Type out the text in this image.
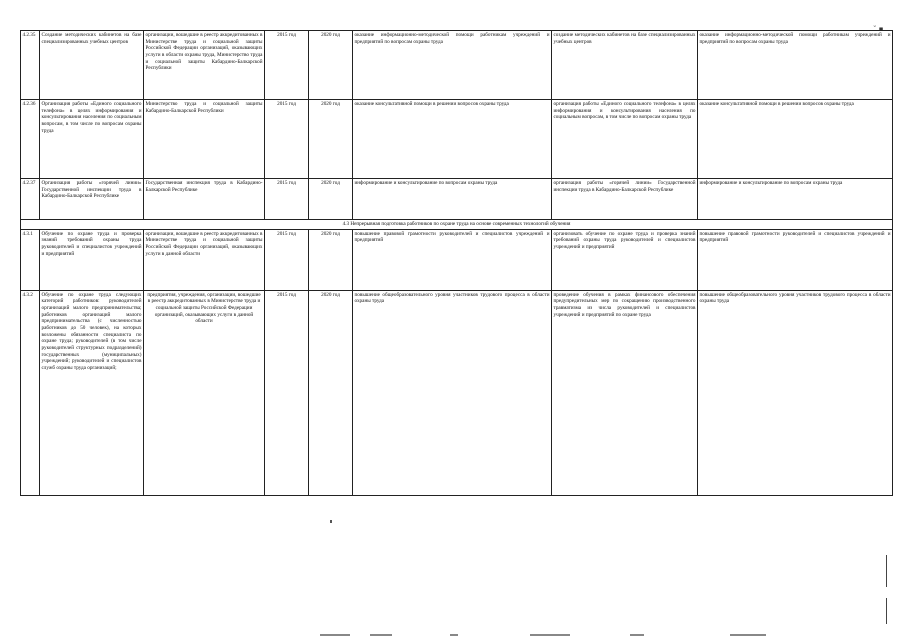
˘ ▪
4.2.35	Создание методических кабинетов на базе специализированных учебных центров	организации, вошедшие в реестр аккредитованных в Министерстве труда и социальной защиты Российской Федерации организаций, оказывающих услуги в области охраны труда, Министерство труда и социальной защиты Кабардино-Балкарской Республики	2015 год	2020 год	оказание информационно-методической помощи работникам учреждений и предприятий по вопросам охраны труда	создание методических кабинетов на базе специализированных учебных центров	оказание информационно-методической помощи работникам учреждений и предприятий по вопросам охраны труда
4.2.36	Организация работы «Единого социального телефона» в целях информирования и консультирования населения по социальным вопросам, в том числе по вопросам охраны труда	Министерство труда и социальной защиты Кабардино-Балкарской Республики	2015 год	2020 год	оказание консультативной помощи в решении вопросов охраны труда	организация работы «Единого социального телефона» в целях информирования и консультирования населения по социальным вопросам, в том числе по вопросам охраны труда	оказание консультативной помощи в решении вопросов охраны труда
4.2.37	Организация работы «горячей линии» Государственной инспекции труда в Кабардино-Балкарской Республике	Государственная инспекция труда в Кабардино-Балкарской Республике	2015 год	2020 год	информирование и консультирование по вопросам охраны труда	организация работы «горячей линии» Государственной инспекции труда в Кабардино-Балкарской Республике	информирование и консультирование по вопросам охраны труда
4.3 Непрерывная подготовка работников по охране труда на основе современных технологий обучения							
4.3.1	Обучение по охране труда и проверка знаний требований охраны труда руководителей и специалистов учреждений и предприятий	организации, вошедшие в реестр аккредитованных в Министерстве труда и социальной защиты Российской Федерации организаций, оказывающих услуги в данной области	2015 год	2020 год	повышение правовой грамотности руководителей и специалистов учреждений и предприятий	организовать обучение по охране труда и проверка знаний требований охраны труда руководителей и специалистов учреждений и предприятий	повышение правовой грамотности руководителей и специалистов учреждений и предприятий
4.3.2	Обучение по охране труда следующих категорий работников: руководителей организаций малого предпринимательства; работников организаций малого предпринимательства (с численностью работников до 50 человек), на которых возложены обязанности специалиста по охране труда; руководителей (в том числе руководителей структурных подразделений) государственных (муниципальных) учреждений; руководителей и специалистов служб охраны труда организаций;	предприятия, учреждения, организации, вошедшие в реестр аккредитованных в Министерстве труда и социальной защиты Российской Федерации организаций, оказывающих услуги в данной области	2015 год	2020 год	повышение общеобразовательного уровня участников трудового процесса в области охраны труда	проведение обучения в рамках финансового обеспечения предупредительных мер по сокращению производственного травматизма из числа руководителей и специалистов учреждений и предприятий по охране труда	повышение общеобразовательного уровня участников трудового процесса в области охраны труда
